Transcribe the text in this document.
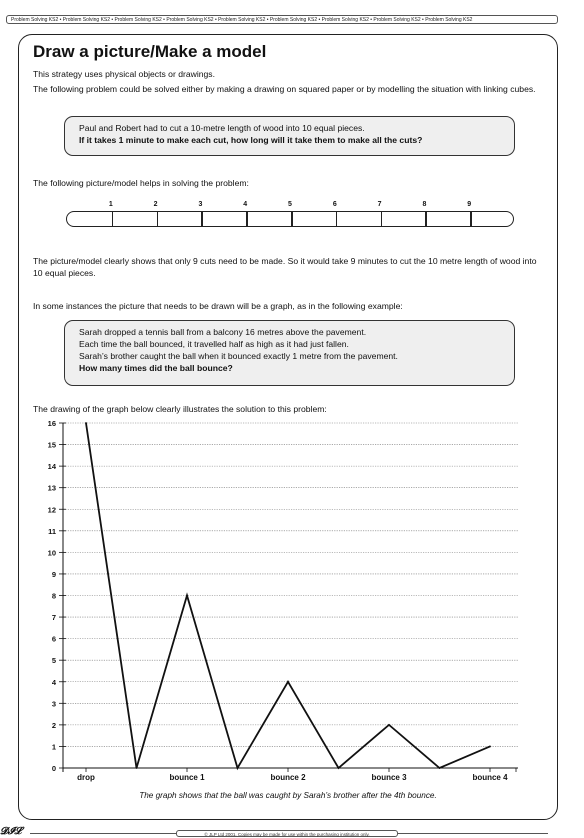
Problem Solving KS2 • Problem Solving KS2 • Problem Solving KS2 • Problem Solving KS2 • Problem Solving KS2 • Problem Solving KS2 • Problem Solving KS2 • Problem Solving KS2 • Problem Solving KS2
Draw a picture/Make a model

This strategy uses physical objects or drawings.

The following problem could be solved either by making a drawing on squared paper or by modelling the situation with linking cubes.

Paul and Robert had to cut a 10-metre length of wood into 10 equal pieces.
If it takes 1 minute to make each cut, how long will it take them to make all the cuts?

The following picture/model helps in solving the problem:

1	2	3	4	5	6	7	8	9

The picture/model clearly shows that only 9 cuts need to be made. So it would take 9 minutes to cut the 10 metre length of wood into 10 equal pieces.

In some instances the picture that needs to be drawn will be a graph, as in the following example:

Sarah dropped a tennis ball from a balcony 16 metres above the pavement.
Each time the ball bounced, it travelled half as high as it had just fallen.
Sarah’s brother caught the ball when it bounced exactly 1 metre from the pavement.
How many times did the ball bounce?

The drawing of the graph below clearly illustrates the solution to this problem:

0
1
2
3
4
5
6
7
8
9
10
11
12
13
14
15
16
drop	bounce 1	bounce 2	bounce 3	bounce 4
The graph shows that the ball was caught by Sarah’s brother after the 4th bounce.
𝓓𝓘𝓛	© JLP Ltd 2001. Copies may be made for use within the purchasing institution only.
